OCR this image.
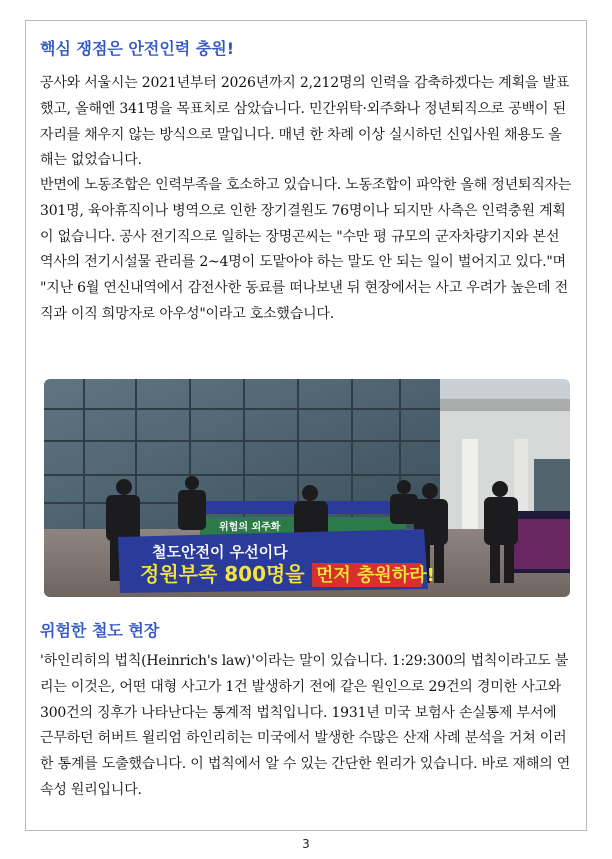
핵심 쟁점은 안전인력 충원!

공사와 서울시는 2021년부터 2026년까지 2,212명의 인력을 감축하겠다는 계획을 발표했고, 올해엔 341명을 목표치로 삼았습니다. 민간위탁·외주화나 정년퇴직으로 공백이 된 자리를 채우지 않는 방식으로 말입니다. 매년 한 차례 이상 실시하던 신입사원 채용도 올해는 없었습니다.

반면에 노동조합은 인력부족을 호소하고 있습니다. 노동조합이 파악한 올해 정년퇴직자는 301명, 육아휴직이나 병역으로 인한 장기결원도 76명이나 되지만 사측은 인력충원 계획이 없습니다. 공사 전기직으로 일하는 장명곤씨는 "수만 평 규모의 군자차량기지와 본선 역사의 전기시설물 관리를 2~4명이 도맡아야 하는 말도 안 되는 일이 벌어지고 있다."며 "지난 6월 연신내역에서 감전사한 동료를 떠나보낸 뒤 현장에서는 사고 우려가 높은데 전직과 이직 희망자로 아우성"이라고 호소했습니다.

위험의 외주화
철도안전이 우선이다
정원부족 800명을 먼저 충원하라!
위험한 철도 현장

'하인리히의 법칙(Heinrich's law)'이라는 말이 있습니다. 1:29:300의 법칙이라고도 불리는 이것은, 어떤 대형 사고가 1건 발생하기 전에 같은 원인으로 29건의 경미한 사고와 300건의 징후가 나타난다는 통계적 법칙입니다. 1931년 미국 보험사 손실통제 부서에 근무하던 허버트 윌리엄 하인리히는 미국에서 발생한 수많은 산재 사례 분석을 거쳐 이러한 통계를 도출했습니다. 이 법칙에서 알 수 있는 간단한 원리가 있습니다. 바로 재해의 연속성 원리입니다.

3
